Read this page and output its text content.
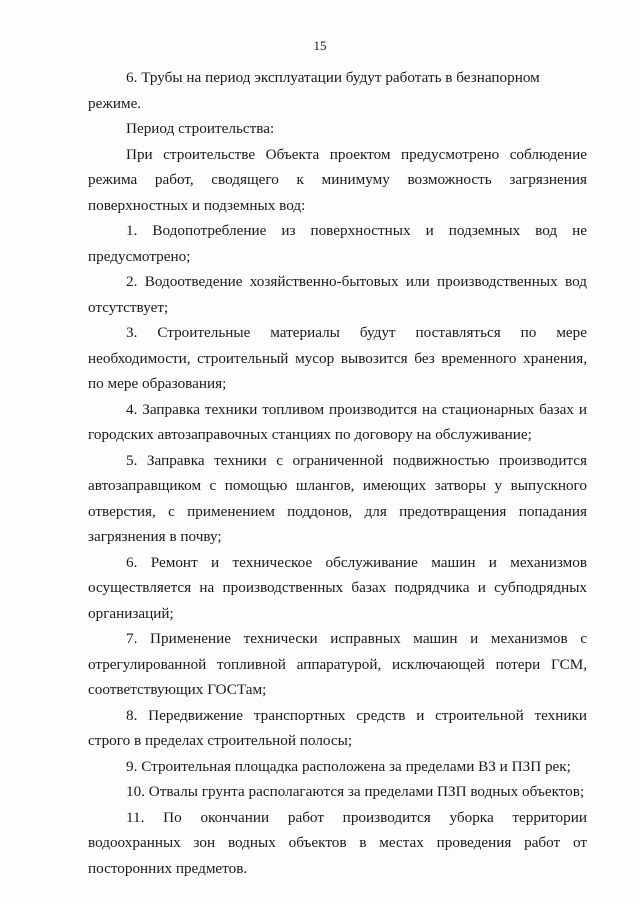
15

6. Трубы на период эксплуатации будут работать в безнапорном режиме.

Период строительства:

При строительстве Объекта проектом предусмотрено соблюдение режима работ, сводящего к минимуму возможность загрязнения поверхностных и подземных вод:

1. Водопотребление из поверхностных и подземных вод не предусмотрено;

2. Водоотведение хозяйственно-бытовых или производственных вод отсутствует;

3. Строительные материалы будут поставляться по мере необходимости, строительный мусор вывозится без временного хранения, по мере образования;

4. Заправка техники топливом производится на стационарных базах и городских автозаправочных станциях по договору на обслуживание;

5. Заправка техники с ограниченной подвижностью производится автозаправщиком с помощью шлангов, имеющих затворы у выпускного отверстия, с применением поддонов, для предотвращения попадания загрязнения в почву;

6. Ремонт и техническое обслуживание машин и механизмов осуществляется на производственных базах подрядчика и субподрядных организаций;

7. Применение технически исправных машин и механизмов с отрегулированной топливной аппаратурой, исключающей потери ГСМ, соответствующих ГОСТам;

8. Передвижение транспортных средств и строительной техники строго в пределах строительной полосы;

9. Строительная площадка расположена за пределами ВЗ и ПЗП рек;

10. Отвалы грунта располагаются за пределами ПЗП водных объектов;

11. По окончании работ производится уборка территории водоохранных зон водных объектов в местах проведения работ от посторонних предметов.
